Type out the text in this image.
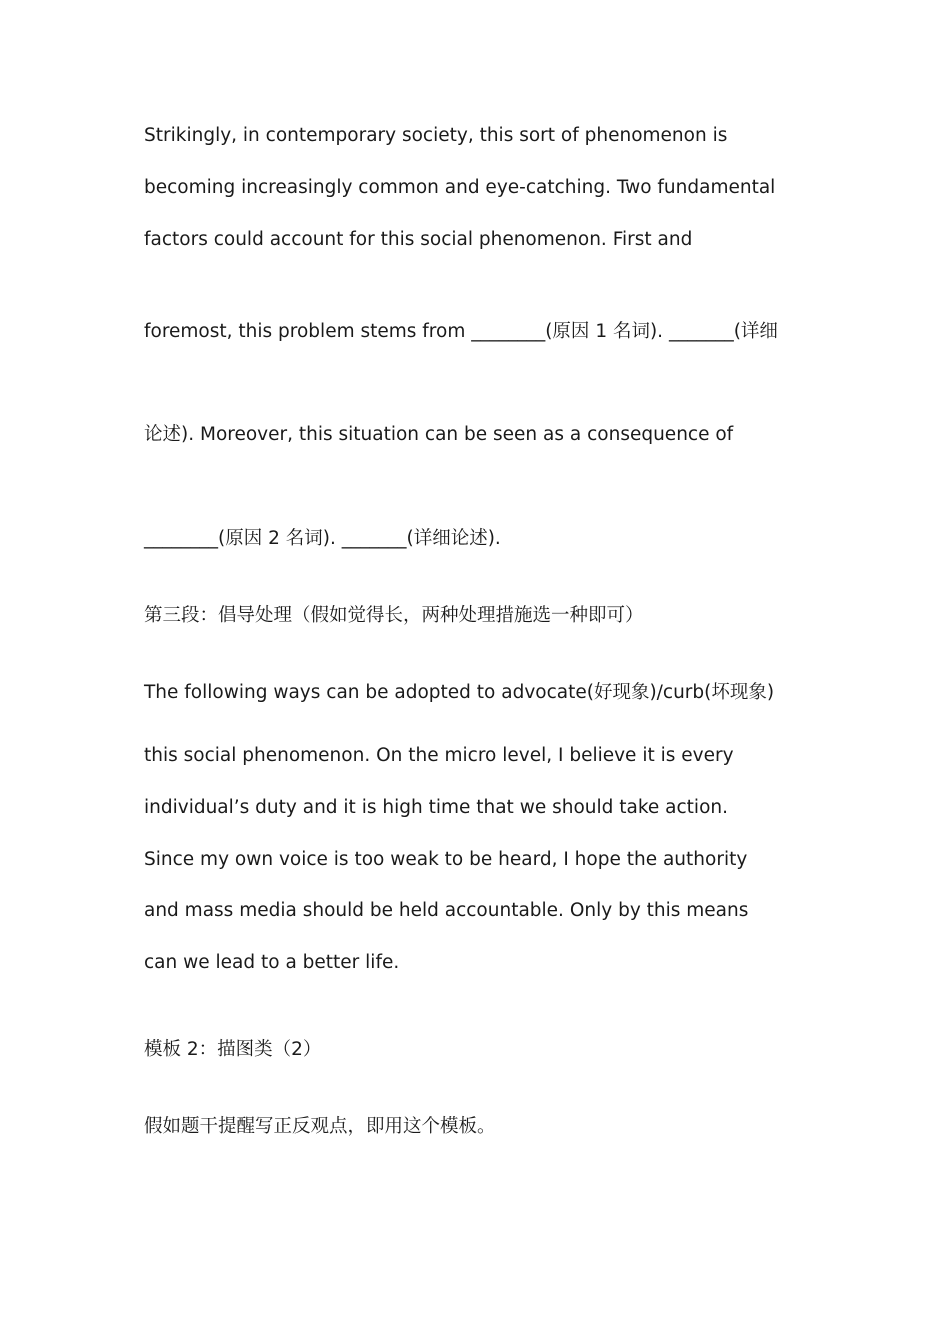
Strikingly, in contemporary society, this sort of phenomenon is
becoming increasingly common and eye-catching. Two fundamental
factors could account for this social phenomenon. First and
foremost, this problem stems from ________(原因 1 名词). _______(详细
论述). Moreover, this situation can be seen as a consequence of
________(原因 2 名词). _______(详细论述).
第三段：倡导处理（假如觉得长，两种处理措施选一种即可）
The following ways can be adopted to advocate(好现象)/curb(坏现象)
this social phenomenon. On the micro level, I believe it is every
individual’s duty and it is high time that we should take action.
Since my own voice is too weak to be heard, I hope the authority
and mass media should be held accountable. Only by this means
can we lead to a better life.
模板 2：描图类（2）
假如题干提醒写正反观点，即用这个模板。
